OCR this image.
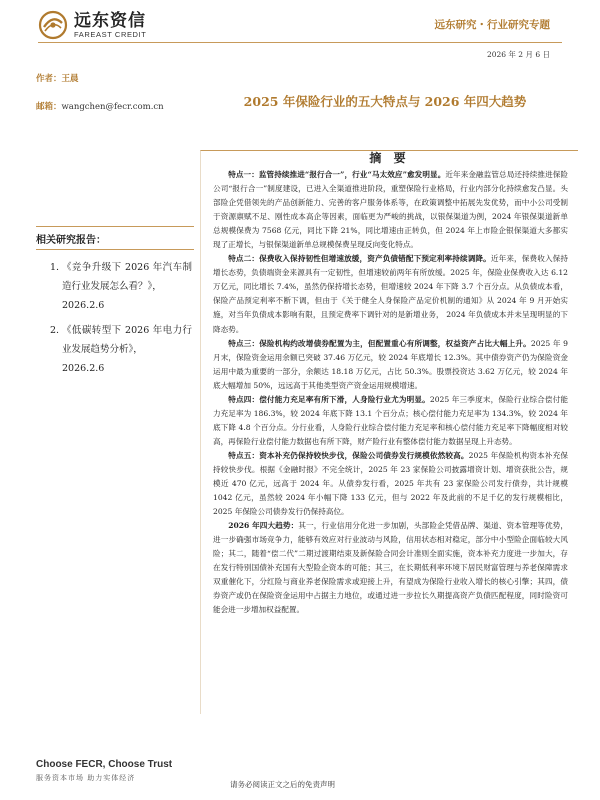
远东资信
FAREAST CREDIT
远东研究・行业研究专题
2026 年 2 月 6 日
作者：王晨
邮箱：wangchen@fecr.com.cn	2025 年保险行业的五大特点与 2026 年四大趋势
相关研究报告：
1. 《竞争升级下 2026 年汽车制造行业发展怎么看？》，
2026.2.6
2. 《低碳转型下 2026 年电力行业发展趋势分析》，
2026.2.6
摘 要

特点一：监管持续推进“报行合一”，行业“马太效应”愈发明显。近年来金融监管总局还持续推进保险公司“报行合一”制度建设，已进入全渠道推进阶段，重塑保险行业格局，行业内部分化持续愈发凸显。头部险企凭借领先的产品创新能力、完善的客户服务体系等，在政策调整中拓展先发优势，而中小公司受制于资源禀赋不足、刚性成本高企等因素，面临更为严峻的挑战，以银保渠道为例，2024 年银保渠道新单总规模保费为 7568 亿元，同比下降 21%，同比增速由正转负，但 2024 年上市险企银保渠道大多都实现了正增长，与银保渠道新单总规模保费呈现反向变化特点。

特点二：保费收入保持韧性但增速放缓，资产负债错配下预定利率持续调降。近年来，保费收入保持增长态势，负债端资金来源具有一定韧性，但增速较前两年有所放缓。2025 年，保险业保费收入达 6.12 万亿元，同比增长 7.4%，虽然仍保持增长态势，但增速较 2024 年下降 3.7 个百分点。从负债成本看，保险产品预定利率不断下调，但由于《关于健全人身保险产品定价机制的通知》从 2024 年 9 月开始实施，对当年负债成本影响有限，且预定费率下调针对的是新增业务， 2024 年负债成本并未呈现明显的下降态势。

特点三：保险机构约改增债券配置为主，但配置重心有所调整，权益资产占比大幅上升。2025 年 9 月末，保险资金运用余额已突破 37.46 万亿元，较 2024 年底增长 12.3%。其中债券资产仍为保险资金运用中最为重要的一部分，余额达 18.18 万亿元，占比 50.3%。股票投资达 3.62 万亿元，较 2024 年底大幅增加 50%，远远高于其他类型资产资金运用规模增速。

特点四：偿付能力充足率有所下滑，人身险行业尤为明显。2025 年三季度末，保险行业综合偿付能力充足率为 186.3%，较 2024 年底下降 13.1 个百分点；核心偿付能力充足率为 134.3%，较 2024 年底下降 4.8 个百分点。分行业看，人身险行业综合偿付能力充足率和核心偿付能力充足率下降幅度相对较高，再保险行业偿付能力数据也有所下降，财产险行业有整体偿付能力数据呈现上升态势。

特点五：资本补充仍保持较快步伐，保险公司债券发行规模依然较高。2025 年保险机构资本补充保持较快步伐。根据《金融时报》不完全统计，2025 年 23 家保险公司披露增资计划、增资获批公告，规模近 470 亿元，远高于 2024 年。从债券发行看，2025 年共有 23 家保险公司发行债券，共计规模 1042 亿元，虽然较 2024 年小幅下降 133 亿元，但与 2022 年及此前的不足千亿的发行规模相比，2025 年保险公司债券发行仍保持高位。

2026 年四大趋势：其一，行业信用分化进一步加剧，头部险企凭借品牌、渠道、资本管理等优势，进一步确强市场竞争力，能够有效应对行业波动与风险，信用状态相对稳定，部分中小型险企面临较大风险；其二，随着“偿二代”二期过渡期结束及新保险合同会计准则全面实施，资本补充力度进一步加大，存在发行特别国债补充国有大型险企资本的可能；其三，在长期低利率环境下居民财富管理与养老保障需求双重催化下，分红险与商业养老保险需求或迎接上升，有望成为保险行业收入增长的核心引擎；其四，债券资产或仍在保险资金运用中占据主力地位，或通过进一步拉长久期提高资产负债匹配程度，同时险资可能会进一步增加权益配置。

Choose FECR, Choose Trust
服务资本市场 助力实体经济
请务必阅读正文之后的免责声明
